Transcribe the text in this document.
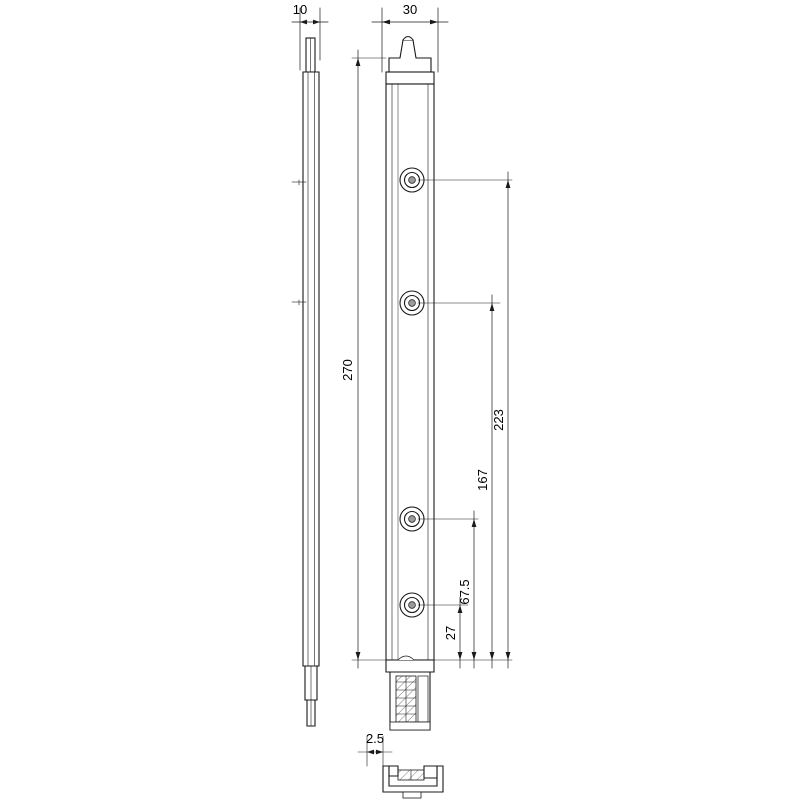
10	30
270
223
167
67.5
27
2.5
